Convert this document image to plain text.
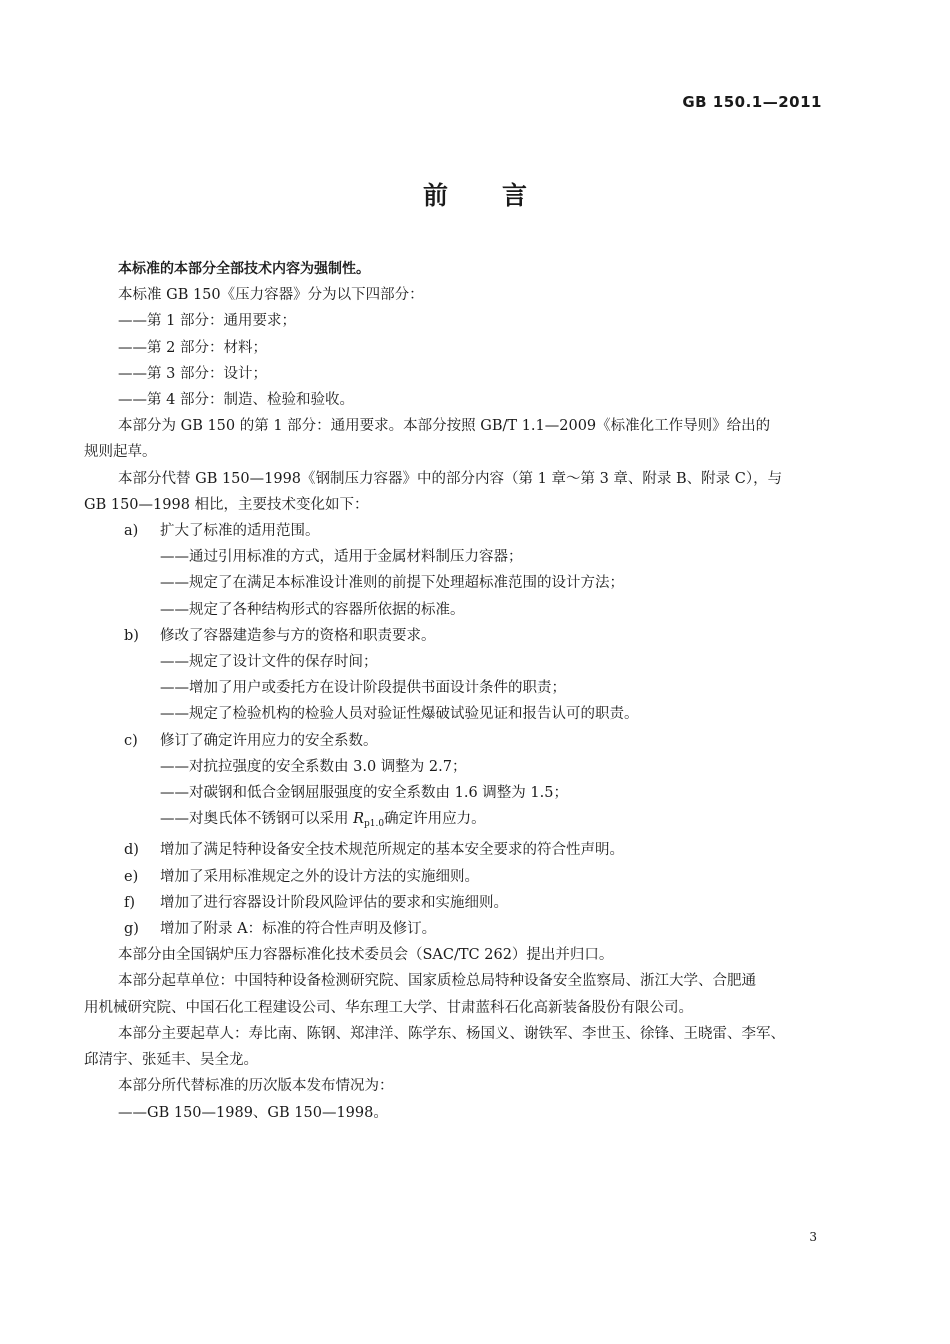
GB 150.1—2011
前言

本标准的本部分全部技术内容为强制性。

本标准 GB 150《压力容器》分为以下四部分：

——第 1 部分：通用要求；

——第 2 部分：材料；

——第 3 部分：设计；

——第 4 部分：制造、检验和验收。

本部分为 GB 150 的第 1 部分：通用要求。本部分按照 GB/T 1.1—2009《标准化工作导则》给出的

规则起草。

本部分代替 GB 150—1998《钢制压力容器》中的部分内容（第 1 章～第 3 章、附录 B、附录 C），与

GB 150—1998 相比，主要技术变化如下：

a) 扩大了标准的适用范围。

——通过引用标准的方式，适用于金属材料制压力容器；

——规定了在满足本标准设计准则的前提下处理超标准范围的设计方法；

——规定了各种结构形式的容器所依据的标准。

b) 修改了容器建造参与方的资格和职责要求。

——规定了设计文件的保存时间；

——增加了用户或委托方在设计阶段提供书面设计条件的职责；

——规定了检验机构的检验人员对验证性爆破试验见证和报告认可的职责。

c) 修订了确定许用应力的安全系数。

——对抗拉强度的安全系数由 3.0 调整为 2.7；

——对碳钢和低合金钢屈服强度的安全系数由 1.6 调整为 1.5；

——对奥氏体不锈钢可以采用 $R_{p1.0}$确定许用应力。

d) 增加了满足特种设备安全技术规范所规定的基本安全要求的符合性声明。

e) 增加了采用标准规定之外的设计方法的实施细则。

f) 增加了进行容器设计阶段风险评估的要求和实施细则。

g) 增加了附录 A：标准的符合性声明及修订。

本部分由全国锅炉压力容器标准化技术委员会（SAC/TC 262）提出并归口。

本部分起草单位：中国特种设备检测研究院、国家质检总局特种设备安全监察局、浙江大学、合肥通

用机械研究院、中国石化工程建设公司、华东理工大学、甘肃蓝科石化高新装备股份有限公司。

本部分主要起草人：寿比南、陈钢、郑津洋、陈学东、杨国义、谢铁军、李世玉、徐锋、王晓雷、李军、

邱清宇、张延丰、吴全龙。

本部分所代替标准的历次版本发布情况为：

——GB 150—1989、GB 150—1998。

3
